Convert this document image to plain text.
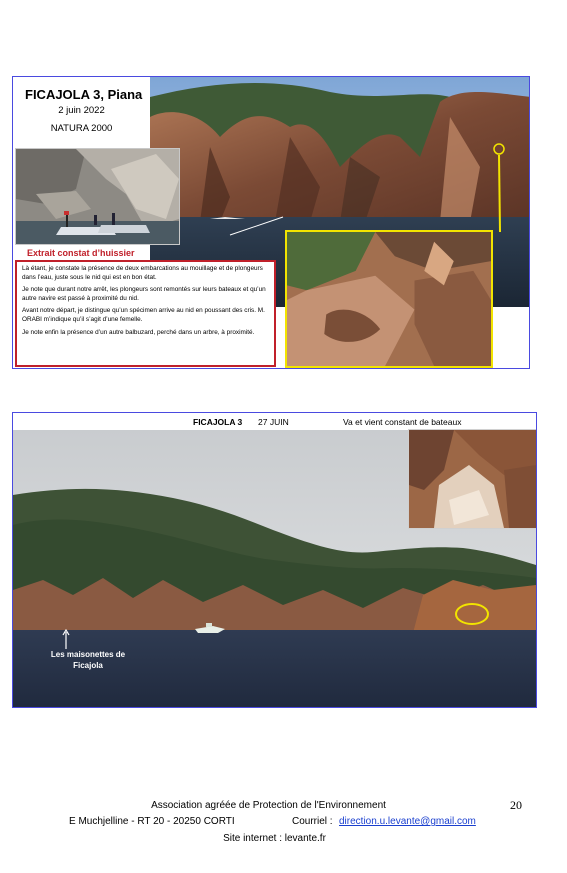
FICAJOLA 3, Piana
2 juin 2022
NATURA 2000
Extrait constat d’huissier

Là étant, je constate la présence de deux embarcations au mouillage et de plongeurs dans l’eau, juste sous le nid qui est en bon état.

Je note que durant notre arrêt, les plongeurs sont remontés sur leurs bateaux et qu’un autre navire est passé à proximité du nid.

Avant notre départ, je distingue qu’un spécimen arrive au nid en poussant des cris. M. ORABI m’indique qu’il s’agit d’une femelle.

Je note enfin la présence d’un autre balbuzard, perché dans un arbre, à proximité.

FICAJOLA 3 27 JUIN	Va et vient constant de bateaux
Les maisonettes de Ficajola
Association agréée de Protection de l'Environnement	20
E Muchjelline - RT 20 - 20250 CORTI	Courriel : direction.u.levante@gmail.com
Site internet : levante.fr
